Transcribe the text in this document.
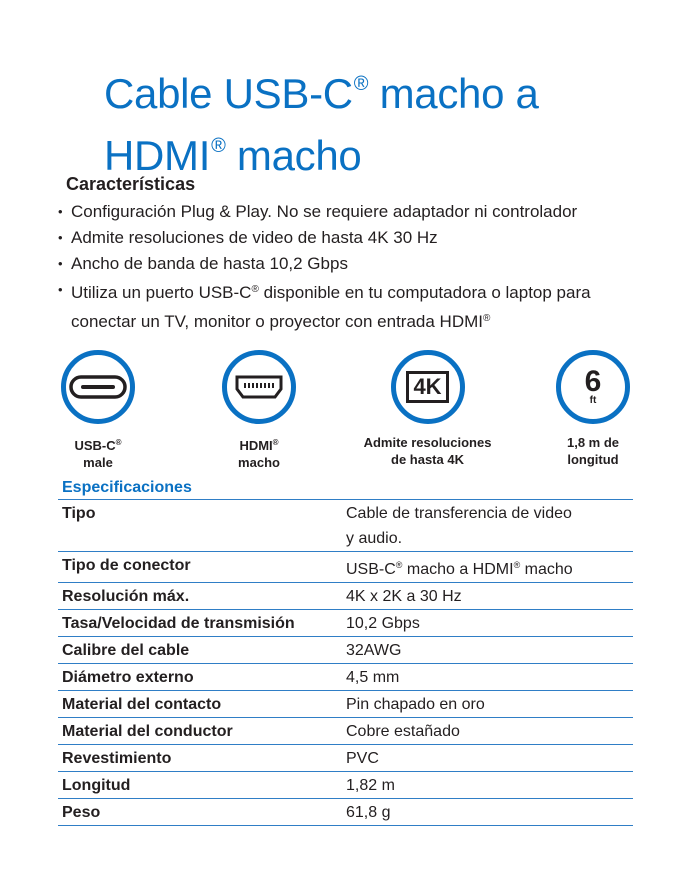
Cable USB-C® macho a
HDMI® macho
Características
• Configuración Plug & Play. No se requiere adaptador ni controlador
• Admite resoluciones de video de hasta 4K 30 Hz
• Ancho de banda de hasta 10,2 Gbps
• Utiliza un puerto USB-C® disponible en tu computadora o laptop para conectar un TV, monitor o proyector con entrada HDMI®
USB-C®
male
HDMI®
macho
4K
Admite resoluciones
de hasta 4K
6
ft
1,8 m de
longitud
Especificaciones
Tipo	Cable de transferencia de video
y audio.
Tipo de conector	USB-C® macho a HDMI® macho
Resolución máx.	4K x 2K a 30 Hz
Tasa/Velocidad de transmisión	10,2 Gbps
Calibre del cable	32AWG
Diámetro externo	4,5 mm
Material del contacto	Pin chapado en oro
Material del conductor	Cobre estañado
Revestimiento	PVC
Longitud	1,82 m
Peso	61,8 g
